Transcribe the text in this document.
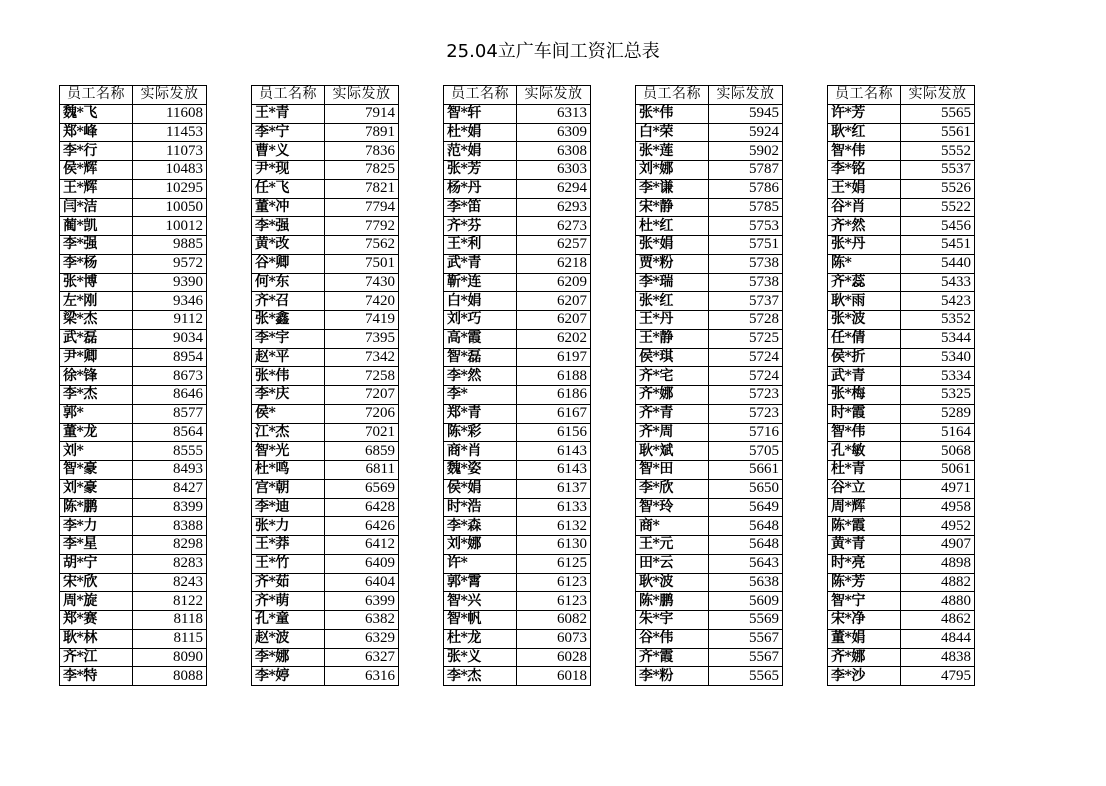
25.04立广车间工资汇总表
员工名称	实际发放
魏*飞	11608
郑*峰	11453
李*行	11073
侯*辉	10483
王*辉	10295
闫*洁	10050
蔺*凯	10012
李*强	9885
李*杨	9572
张*博	9390
左*刚	9346
梁*杰	9112
武*磊	9034
尹*卿	8954
徐*锋	8673
李*杰	8646
郭*	8577
董*龙	8564
刘*	8555
智*豪	8493
刘*豪	8427
陈*鹏	8399
李*力	8388
李*星	8298
胡*宁	8283
宋*欣	8243
周*旋	8122
郑*赛	8118
耿*林	8115
齐*江	8090
李*特	8088
员工名称	实际发放
王*青	7914
李*宁	7891
曹*义	7836
尹*现	7825
任*飞	7821
董*冲	7794
李*强	7792
黄*改	7562
谷*卿	7501
何*东	7430
齐*召	7420
张*鑫	7419
李*宇	7395
赵*平	7342
张*伟	7258
李*庆	7207
侯*	7206
江*杰	7021
智*光	6859
杜*鸣	6811
宫*朝	6569
李*迪	6428
张*力	6426
王*莽	6412
王*竹	6409
齐*茹	6404
齐*萌	6399
孔*童	6382
赵*波	6329
李*娜	6327
李*婷	6316
员工名称	实际发放
智*轩	6313
杜*娟	6309
范*娟	6308
张*芳	6303
杨*丹	6294
李*笛	6293
齐*芬	6273
王*利	6257
武*青	6218
靳*连	6209
白*娟	6207
刘*巧	6207
高*霞	6202
智*磊	6197
李*然	6188
李*	6186
郑*青	6167
陈*彩	6156
商*肖	6143
魏*姿	6143
侯*娟	6137
时*浩	6133
李*森	6132
刘*娜	6130
许*	6125
郭*霄	6123
智*兴	6123
智*帆	6082
杜*龙	6073
张*义	6028
李*杰	6018
员工名称	实际发放
张*伟	5945
白*荣	5924
张*莲	5902
刘*娜	5787
李*谦	5786
宋*静	5785
杜*红	5753
张*娟	5751
贾*粉	5738
李*瑞	5738
张*红	5737
王*丹	5728
王*静	5725
侯*琪	5724
齐*宅	5724
齐*娜	5723
齐*青	5723
齐*周	5716
耿*斌	5705
智*田	5661
李*欣	5650
智*玲	5649
商*	5648
王*元	5648
田*云	5643
耿*波	5638
陈*鹏	5609
朱*宇	5569
谷*伟	5567
齐*霞	5567
李*粉	5565
员工名称	实际发放
许*芳	5565
耿*红	5561
智*伟	5552
李*铭	5537
王*娟	5526
谷*肖	5522
齐*然	5456
张*丹	5451
陈*	5440
齐*蕊	5433
耿*雨	5423
张*波	5352
任*倩	5344
侯*折	5340
武*青	5334
张*梅	5325
时*霞	5289
智*伟	5164
孔*敏	5068
杜*青	5061
谷*立	4971
周*辉	4958
陈*霞	4952
黄*青	4907
时*亮	4898
陈*芳	4882
智*宁	4880
宋*净	4862
董*娟	4844
齐*娜	4838
李*沙	4795
